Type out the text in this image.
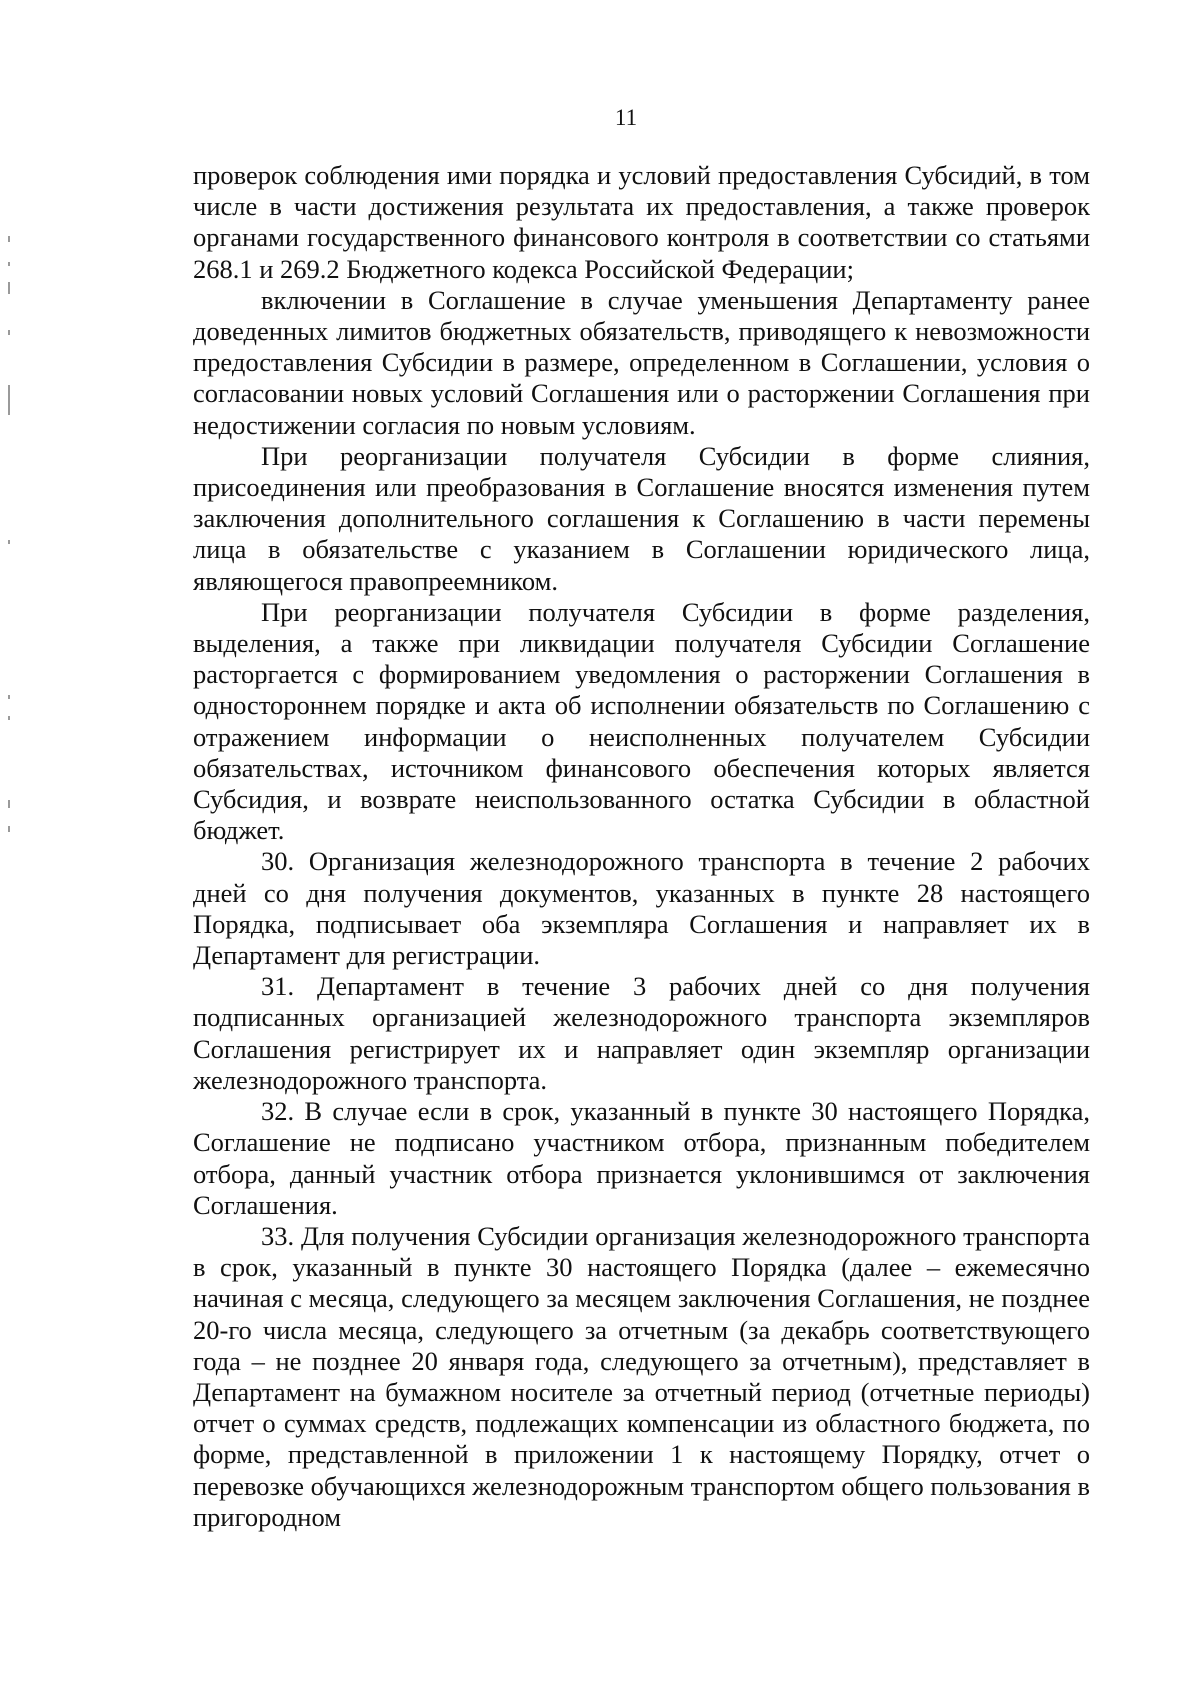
11

проверок соблюдения ими порядка и условий предоставления Субсидий, в том числе в части достижения результата их предоставления, а также проверок органами государственного финансового контроля в соответствии со статьями 268.1 и 269.2 Бюджетного кодекса Российской Федерации;

включении в Соглашение в случае уменьшения Департаменту ранее доведенных лимитов бюджетных обязательств, приводящего к невозможности предоставления Субсидии в размере, определенном в Соглашении, условия о согласовании новых условий Соглашения или о расторжении Соглашения при недостижении согласия по новым условиям.

При реорганизации получателя Субсидии в форме слияния, присоединения или преобразования в Соглашение вносятся изменения путем заключения дополнительного соглашения к Соглашению в части перемены лица в обязательстве с указанием в Соглашении юридического лица, являющегося правопреемником.

При реорганизации получателя Субсидии в форме разделения, выделения, а также при ликвидации получателя Субсидии Соглашение расторгается с формированием уведомления о расторжении Соглашения в одностороннем порядке и акта об исполнении обязательств по Соглашению с отражением информации о неисполненных получателем Субсидии обязательствах, источником финансового обеспечения которых является Субсидия, и возврате неиспользованного остатка Субсидии в областной бюджет.

30. Организация железнодорожного транспорта в течение 2 рабочих дней со дня получения документов, указанных в пункте 28 настоящего Порядка, подписывает оба экземпляра Соглашения и направляет их в Департамент для регистрации.

31. Департамент в течение 3 рабочих дней со дня получения подписанных организацией железнодорожного транспорта экземпляров Соглашения регистрирует их и направляет один экземпляр организации железнодорожного транспорта.

32. В случае если в срок, указанный в пункте 30 настоящего Порядка, Соглашение не подписано участником отбора, признанным победителем отбора, данный участник отбора признается уклонившимся от заключения Соглашения.

33. Для получения Субсидии организация железнодорожного транспорта в срок, указанный в пункте 30 настоящего Порядка (далее – ежемесячно начиная с месяца, следующего за месяцем заключения Соглашения, не позднее 20-го числа месяца, следующего за отчетным (за декабрь соответствующего года – не позднее 20 января года, следующего за отчетным), представляет в Департамент на бумажном носителе за отчетный период (отчетные периоды) отчет о суммах средств, подлежащих компенсации из областного бюджета, по форме, представленной в приложении 1 к настоящему Порядку, отчет о перевозке обучающихся железнодорожным транспортом общего пользования в пригородном
